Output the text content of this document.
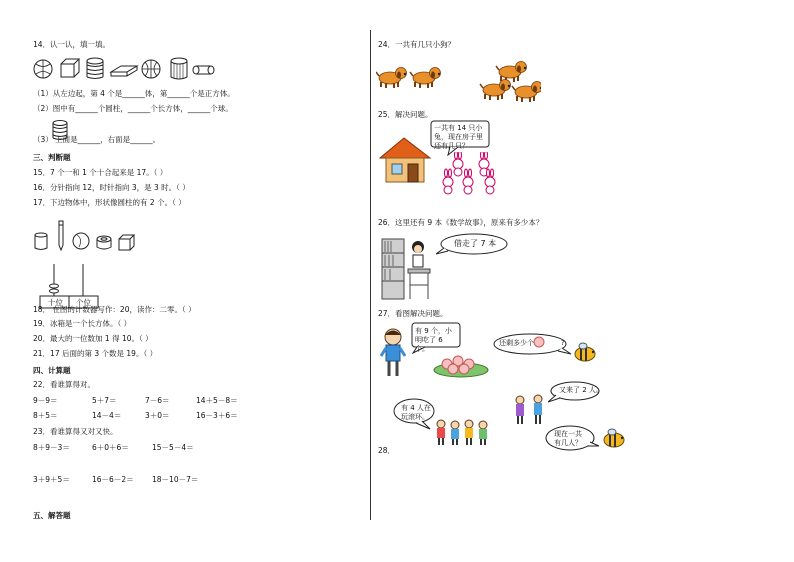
14．认一认，填一填。
（1）从左边起，第 4 个是______体，第______个是正方体。
（2）图中有______个圆柱，______个长方体，______个球。
（3） 上面是______，右面是______。
三、判断题
15．7 个一和 1 个十合起来是 17。（ ）
16．分针指向 12，时针指向 3，是 3 时。（ ）
17．下边物体中，形状像圆柱的有 2 个。（ ）
十位 个位
18． 在图的计数器写作：20，读作：二零。（ ）
19．冰箱是一个长方体。（ ）
20．最大的一位数加 1 得 10。（ ）
21．17 后面的第 3 个数是 19。（ ）
四、计算题
22．看谁算得对。
9－9＝	5＋7＝	7－6＝	14＋5－8＝
8＋5＝	14－4＝	3＋0＝	16－3＋6＝
23．看谁算得又对又快。
8＋9－3＝	6＋0＋6＝	15－5－4＝
3＋9＋5＝	16－6－2＝ 18－10－7＝
五、解答题
24．一共有几只小狗？
25．解决问题。
一共有 14 只小兔，现在房子里还有几只？
26．这里还有 9 本《数学故事》，原来有多少本？
借走了 7 本
27．看图解决问题。
有 9 个，小明吃了 6 个。
还剩多少个	?
有 4 人在玩滚环。
又来了 2 人。
现在一共有几人？
28．
